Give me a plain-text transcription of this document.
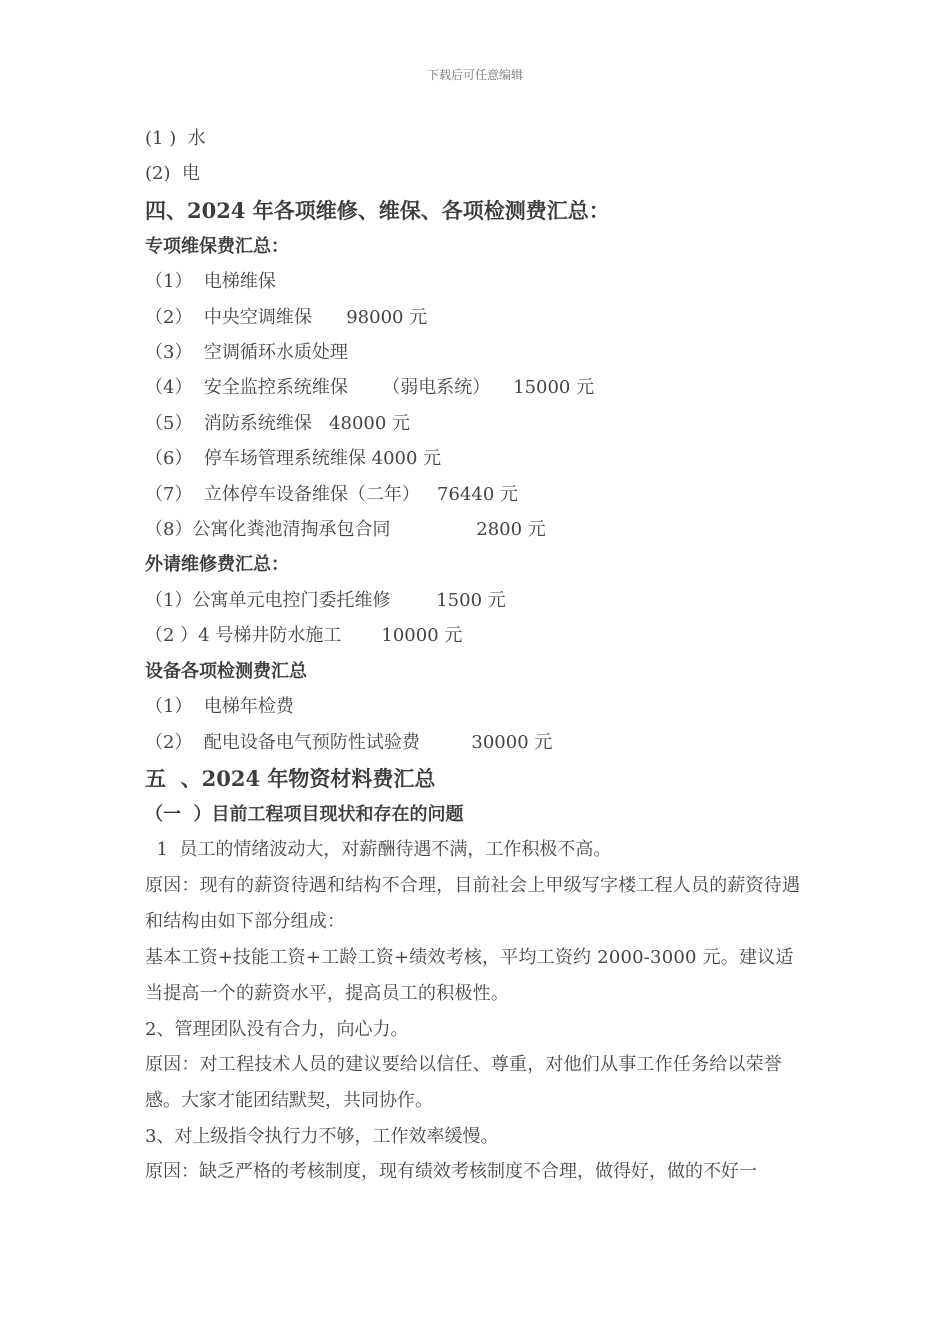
下载后可任意编辑
(1 )  水
(2)  电
四、2024 年各项维修、维保、各项检测费汇总：
专项维保费汇总：
（1）  电梯维保
（2）  中央空调维保      98000 元
（3）  空调循环水质处理
（4）  安全监控系统维保      （弱电系统）    15000 元
（5）  消防系统维保   48000 元
（6）  停车场管理系统维保 4000 元
（7）  立体停车设备维保（二年）   76440 元
（8）公寓化粪池清掏承包合同               2800 元
外请维修费汇总：
（1）公寓单元电控门委托维修        1500 元
（2 ）4 号梯井防水施工       10000 元
设备各项检测费汇总
（1）  电梯年检费
（2）  配电设备电气预防性试验费         30000 元
五  、2024 年物资材料费汇总
（一  ）目前工程项目现状和存在的问题
1  员工的情绪波动大，对薪酬待遇不满，工作积极不高。
原因：现有的薪资待遇和结构不合理，目前社会上甲级写字楼工程人员的薪资待遇和结构由如下部分组成：
基本工资+技能工资+工龄工资+绩效考核，平均工资约 2000-3000 元。建议适当提高一个的薪资水平，提高员工的积极性。
2、管理团队没有合力，向心力。
原因：对工程技术人员的建议要给以信任、尊重，对他们从事工作任务给以荣誉
感。大家才能团结默契，共同协作。
3、对上级指令执行力不够，工作效率缓慢。
原因：缺乏严格的考核制度，现有绩效考核制度不合理，做得好，做的不好一
